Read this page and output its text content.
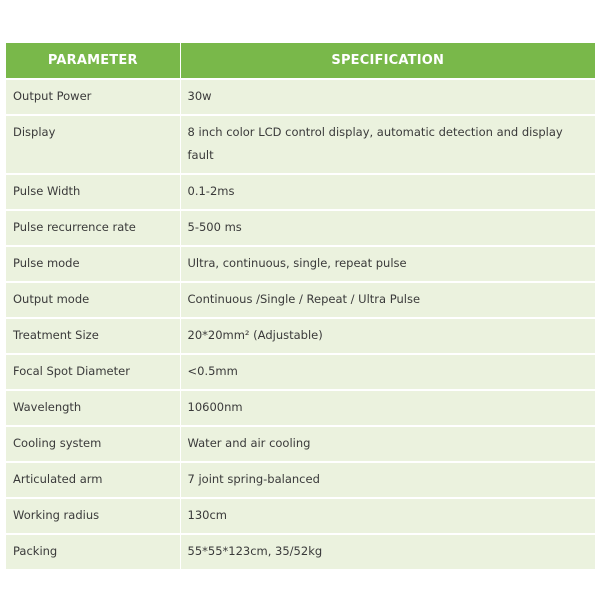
PARAMETER	SPECIFICATION
Output Power	30w
Display	8 inch color LCD control display, automatic detection and display fault
Pulse Width	0.1-2ms
Pulse recurrence rate	5-500 ms
Pulse mode	Ultra, continuous, single, repeat pulse
Output mode	Continuous /Single / Repeat / Ultra Pulse
Treatment Size	20*20mm² (Adjustable)
Focal Spot Diameter	<0.5mm
Wavelength	10600nm
Cooling system	Water and air cooling
Articulated arm	7 joint spring-balanced
Working radius	130cm
Packing	55*55*123cm, 35/52kg
